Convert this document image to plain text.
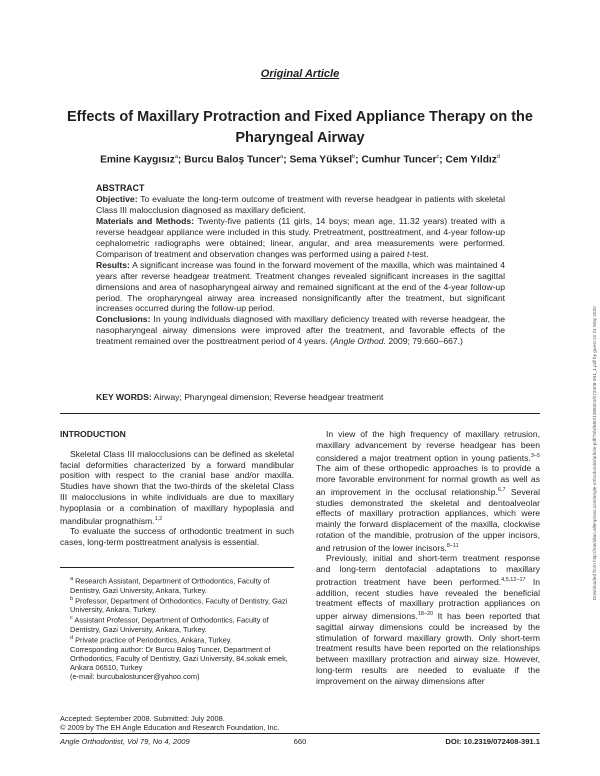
Original Article
Effects of Maxillary Protraction and Fixed Appliance Therapy on the
Pharyngeal Airway
Emine Kaygısız$^a$; Burcu Baloş Tuncer$^a$; Sema Yüksel$^b$; Cumhur Tuncer$^c$; Cem Yıldız$^d$

ABSTRACT

Objective: To evaluate the long-term outcome of treatment with reverse headgear in patients with skeletal Class III malocclusion diagnosed as maxillary deficient.

Materials and Methods: Twenty-five patients (11 girls, 14 boys; mean age, 11.32 years) treated with a reverse headgear appliance were included in this study. Pretreatment, posttreatment, and 4-year follow-up cephalometric radiographs were obtained; linear, angular, and area measurements were performed. Comparison of treatment and observation changes was performed using a paired t-test.

Results: A significant increase was found in the forward movement of the maxilla, which was maintained 4 years after reverse headgear treatment. Treatment changes revealed significant increases in the sagittal dimensions and area of nasopharyngeal airway and remained significant at the end of the 4-year follow-up period. The oropharyngeal airway area increased nonsignificantly after the treatment, but significant increases occurred during the follow-up period.

Conclusions: In young individuals diagnosed with maxillary deficiency treated with reverse headgear, the nasopharyngeal airway dimensions were improved after the treatment, and favorable effects of the treatment remained over the posttreatment period of 4 years. (Angle Orthod. 2009; 79:660–667.)

KEY WORDS: Airway; Pharyngeal dimension; Reverse headgear treatment

INTRODUCTION

Skeletal Class III malocclusions can be defined as skeletal facial deformities characterized by a forward mandibular position with respect to the cranial base and/or maxilla. Studies have shown that the two-thirds of the skeletal Class III malocclusions in white individuals are due to maxillary hypoplasia or a combination of maxillary hypoplasia and mandibular prognathism.$^{1,2}$

To evaluate the success of orthodontic treatment in such cases, long-term posttreatment analysis is essential.

$^a$ Research Assistant, Department of Orthodontics, Faculty of Dentistry, Gazi University, Ankara, Turkey.

$^b$ Professor, Department of Orthodontics, Faculty of Dentistry, Gazi University, Ankara, Turkey.

$^c$ Assistant Professor, Department of Orthodontics, Faculty of Dentistry, Gazi University, Ankara, Turkey.

$^d$ Private practice of Periodontics, Ankara, Turkey.

Corresponding author: Dr Burcu Baloş Tuncer, Department of Orthodontics, Faculty of Dentistry, Gazi University, 84.sokak emek, Ankara 06510, Turkey

(e-mail: burcubalostuncer@yahoo.com)

Accepted: September 2008. Submitted: July 2008.

© 2009 by The EH Angle Education and Research Foundation, Inc.

In view of the high frequency of maxillary retrusion, maxillary advancement by reverse headgear has been considered a major treatment option in young patients.$^{3-5}$ The aim of these orthopedic approaches is to provide a more favorable environment for normal growth as well as an improvement in the occlusal relationship.$^{6,7}$ Several studies demonstrated the skeletal and dentoalveolar effects of maxillary protraction appliances, which were mainly the forward displacement of the maxilla, clockwise rotation of the mandible, protrusion of the upper incisors, and retrusion of the lower incisors.$^{8-11}$

Previously, initial and short-term treatment response and long-term dentofacial adaptations to maxillary protraction treatment have been performed.$^{4,5,12-17}$ In addition, recent studies have revealed the beneficial treatment effects of maxillary protraction appliances on upper airway dimensions.$^{18-20}$ It has been reported that sagittal airway dimensions could be increased by the stimulation of forward maxillary growth. Only short-term treatment results have been reported on the relationships between maxillary protraction and airway size. However, long-term results are needed to evaluate if the improvement on the airway dimensions after

Angle Orthodontist, Vol 79, No 4, 2009	660	DOI: 10.2319/072408-391.1
Downloaded from http://meridian.allenpress.com/angle-orthodontist/article-pdf/79/4/660/1386301/072408-391_1.pdf by guest on 21 May 2020
